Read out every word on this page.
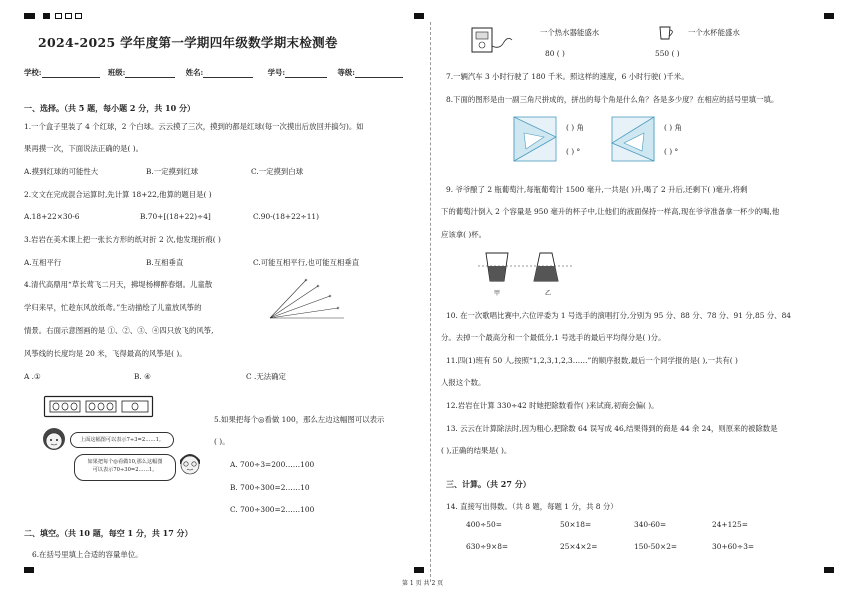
2024-2025 学年度第一学期四年级数学期末检测卷
学校:	班级:	姓名:	学号:	等级:
一、选择。（共 5 题，每小题 2 分，共 10 分）
1.一个盒子里装了 4 个红球，2 个白球。云云摸了三次，摸到的都是红球(每一次摸出后放回并搞匀)。如
果再摸一次，下面说法正确的是( )。
A.摸到红球的可能性大	B.一定摸到红球	C.一定摸到白球
2.文文在完成混合运算时,先计算 18+22,他算的题目是( )
A.18+22×30-6	B.70+[(18+22)÷4]	C.90-(18+22÷11)
3.岩岩在美术课上把一张长方形的纸对折 2 次,他发现折痕( )
A.互相平行	B.互相垂直	C.可能互相平行,也可能互相垂直
4.清代高鼎用“草长莺飞二月天，拂堤杨柳醉春烟。儿童散
学归来早，忙趁东风放纸鸢。”生动描绘了儿童放风筝的
情景。右面示意图画的是 ①、②、③、④四只放飞的风筝,
风筝线的长度均是 20 米，飞得最高的风筝是( )。
A .①	B. ④	C .无法确定
上面这幅图可以表示7÷3=2……1。
如果把每个◎看做10,那么这幅图
可以表示70÷30=2……1。
5.如果把每个◎看做 100，那么左边这幅图可以表示
( )。
A. 700÷3=200……100
B. 700÷300=2……10
C. 700÷300=2……100
二、填空。（共 10 题，每空 1 分，共 17 分）
6.在括号里填上合适的容量单位。
一个热水器能盛水
80 ( )
一个水杯能盛水
550 ( )
7.一辆汽车 3 小时行驶了 180 千米。照这样的速度，6 小时行驶( )千米。
8.下面的图形是由一副三角尺拼成的，拼出的每个角是什么角？各是多少度？在相应的括号里填一填。
( ) 角
( ) °
( ) 角
( ) °
9. 爷爷酿了 2 瓶葡萄汁,每瓶葡萄汁 1500 毫升,一共是( )升,喝了 2 升后,还剩下( )毫升,将剩
下的葡萄汁倒入 2 个容量是 950 毫升的杯子中,让他们的液面保持一样高,现在爷爷准备拿一杯少的喝,他
应该拿( )杯。
甲	乙
10. 在一次歌唱比赛中,六位评委为 1 号选手的演唱打分,分别为 95 分、88 分、78 分、91 分,85 分、84
分。去掉一个最高分和一个最低分,1 号选手的最后平均得分是( )分。
11.四(1)班有 50 人,按照“1,2,3,1,2,3……”的顺序报数,最后一个同学报的是( ),一共有( )
人报这个数。
12.岩岩在计算 330÷42 时她把除数看作( )来试商,初商会偏( )。
13. 云云在计算除法时,因为粗心,把除数 64 误写成 46,结果得到的商是 44 余 24，则原来的被除数是
( ),正确的结果是( )。
三、计算。（共 27 分）
14. 直接写出得数。（共 8 题，每题 1 分，共 8 分）
400÷50=	50×18=	340-60=	24+125=
630÷9×8=	25×4×2=	150-50×2=	30+60÷3=
第 1 页 共 2 页
